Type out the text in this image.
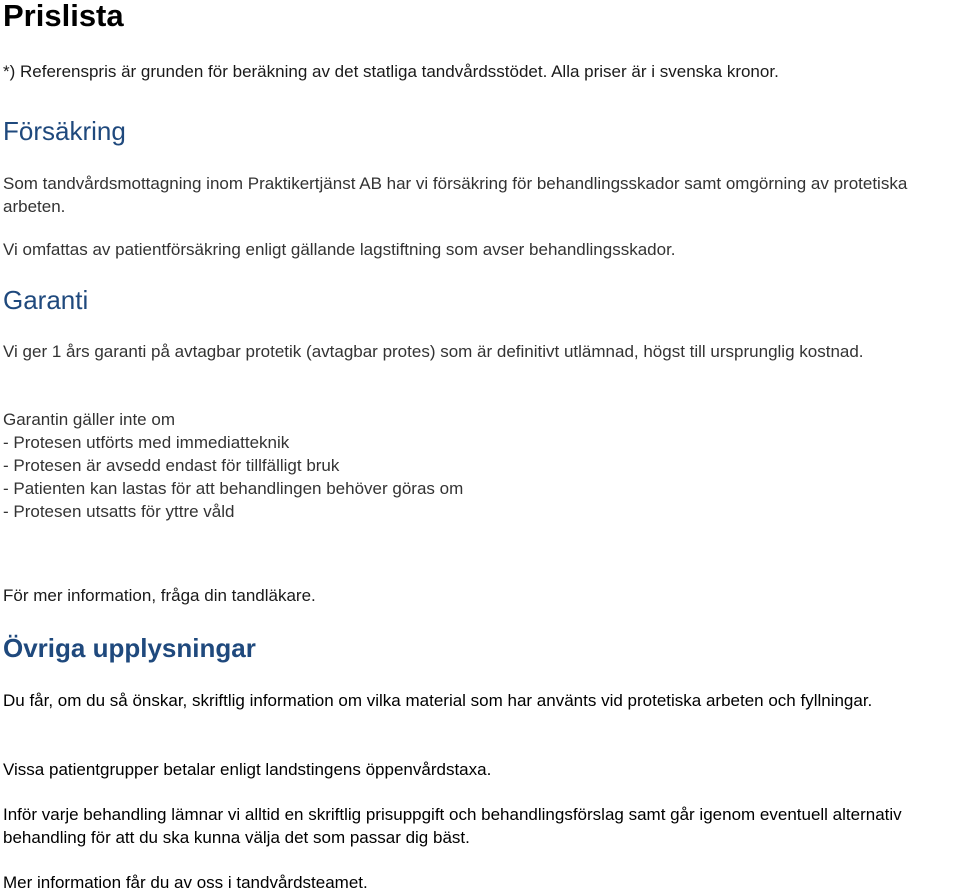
Prislista

*) Referenspris är grunden för beräkning av det statliga tandvårdsstödet. Alla priser är i svenska kronor.

Försäkring

Som tandvårdsmottagning inom Praktikertjänst AB har vi försäkring för behandlingsskador samt omgörning av protetiska arbeten.

Vi omfattas av patientförsäkring enligt gällande lagstiftning som avser behandlingsskador.

Garanti

Vi ger 1 års garanti på avtagbar protetik (avtagbar protes) som är definitivt utlämnad, högst till ursprunglig kostnad.

Garantin gäller inte om
- Protesen utförts med immediatteknik
- Protesen är avsedd endast för tillfälligt bruk
- Patienten kan lastas för att behandlingen behöver göras om
- Protesen utsatts för yttre våld

För mer information, fråga din tandläkare.

Övriga upplysningar

Du får, om du så önskar, skriftlig information om vilka material som har använts vid protetiska arbeten och fyllningar.

Vissa patientgrupper betalar enligt landstingens öppenvårdstaxa.

Inför varje behandling lämnar vi alltid en skriftlig prisuppgift och behandlingsförslag samt går igenom eventuell alternativ behandling för att du ska kunna välja det som passar dig bäst.

Mer information får du av oss i tandvårdsteamet.
